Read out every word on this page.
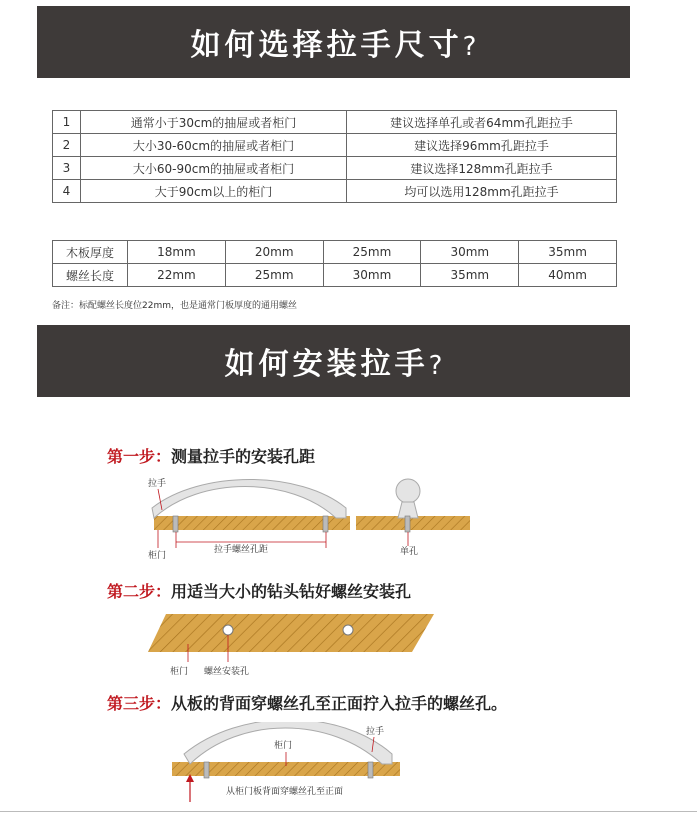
如何选择拉手尺寸?
1	通常小于30cm的抽屉或者柜门	建议选择单孔或者64mm孔距拉手
2	大小30-60cm的抽屉或者柜门	建议选择96mm孔距拉手
3	大小60-90cm的抽屉或者柜门	建议选择128mm孔距拉手
4	大于90cm以上的柜门	均可以选用128mm孔距拉手
木板厚度	18mm	20mm	25mm	30mm	35mm
螺丝长度	22mm	25mm	30mm	35mm	40mm
备注：标配螺丝长度位22mm，也是通常门板厚度的通用螺丝
如何安装拉手?
第一步：测量拉手的安装孔距
拉手螺丝孔距
拉手
柜门	单孔
第二步：用适当大小的钻头钻好螺丝安装孔
柜门 螺丝安装孔
第三步：从板的背面穿螺丝孔至正面拧入拉手的螺丝孔。
柜门
拉手
从柜门板背面穿螺丝孔至正面
